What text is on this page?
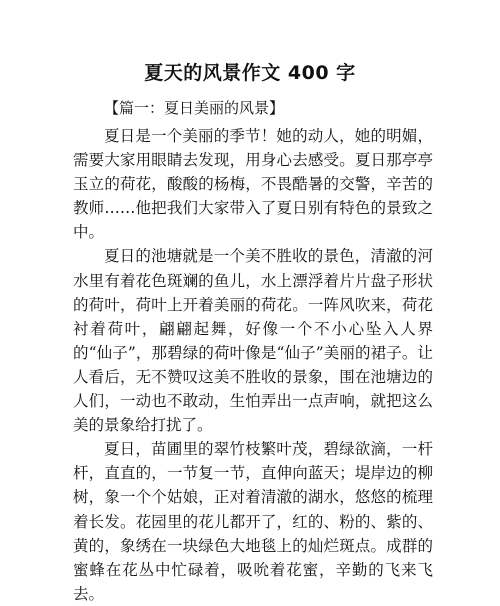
夏天的风景作文 400 字
【篇一：夏日美丽的风景】

夏日是一个美丽的季节！她的动人，她的明媚，需要大家用眼睛去发现，用身心去感受。夏日那亭亭玉立的荷花，酸酸的杨梅，不畏酷暑的交警，辛苦的教师……他把我们大家带入了夏日别有特色的景致之中。

夏日的池塘就是一个美不胜收的景色，清澈的河水里有着花色斑斓的鱼儿，水上漂浮着片片盘子形状的荷叶，荷叶上开着美丽的荷花。一阵风吹来，荷花衬着荷叶，翩翩起舞，好像一个不小心坠入人界的“仙子”，那碧绿的荷叶像是“仙子”美丽的裙子。让人看后，无不赞叹这美不胜收的景象，围在池塘边的人们，一动也不敢动，生怕弄出一点声响，就把这么美的景象给打扰了。

夏日，苗圃里的翠竹枝繁叶茂，碧绿欲滴，一杆杆，直直的，一节复一节，直伸向蓝天；堤岸边的柳树，象一个个姑娘，正对着清澈的湖水，悠悠的梳理着长发。花园里的花儿都开了，红的、粉的、紫的、黄的，象绣在一块绿色大地毯上的灿烂斑点。成群的蜜蜂在花丛中忙碌着，吸吮着花蜜，辛勤的飞来飞去。
